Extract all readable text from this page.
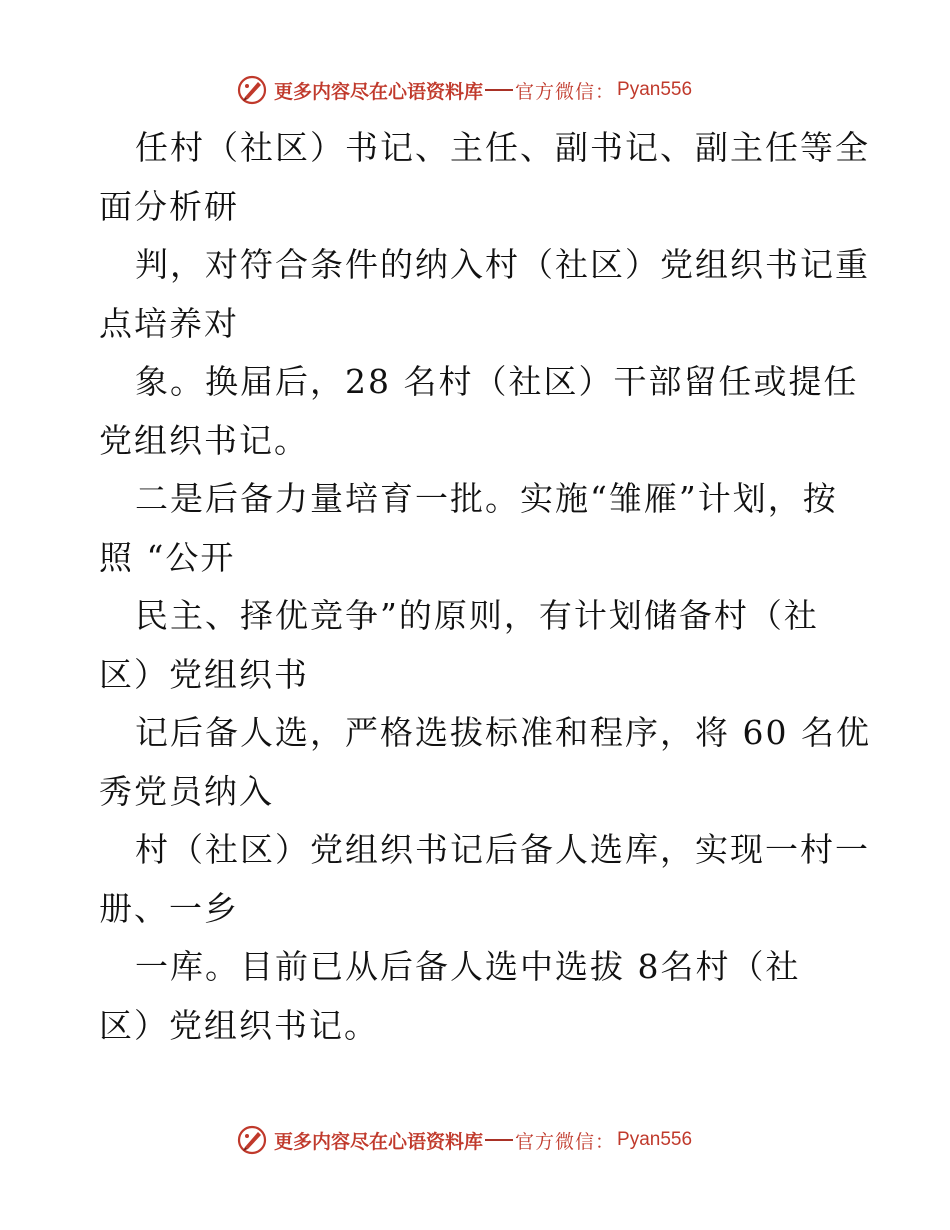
更多内容尽在心语资料库 官方微信： Pyan556
任村（社区）书记、主任、副书记、副主任等全
面分析研
判，对符合条件的纳入村（社区）党组织书记重
点培养对
象。换届后，28 名村（社区）干部留任或提任
党组织书记。
二是后备力量培育一批。实施“雏雁”计划，按
照 “公开
民主、择优竞争”的原则，有计划储备村（社
区）党组织书
记后备人选，严格选拔标准和程序，将 60 名优
秀党员纳入
村（社区）党组织书记后备人选库，实现一村一
册、一乡
一库。目前已从后备人选中选拔 8名村（社
区）党组织书记。
更多内容尽在心语资料库 官方微信： Pyan556
